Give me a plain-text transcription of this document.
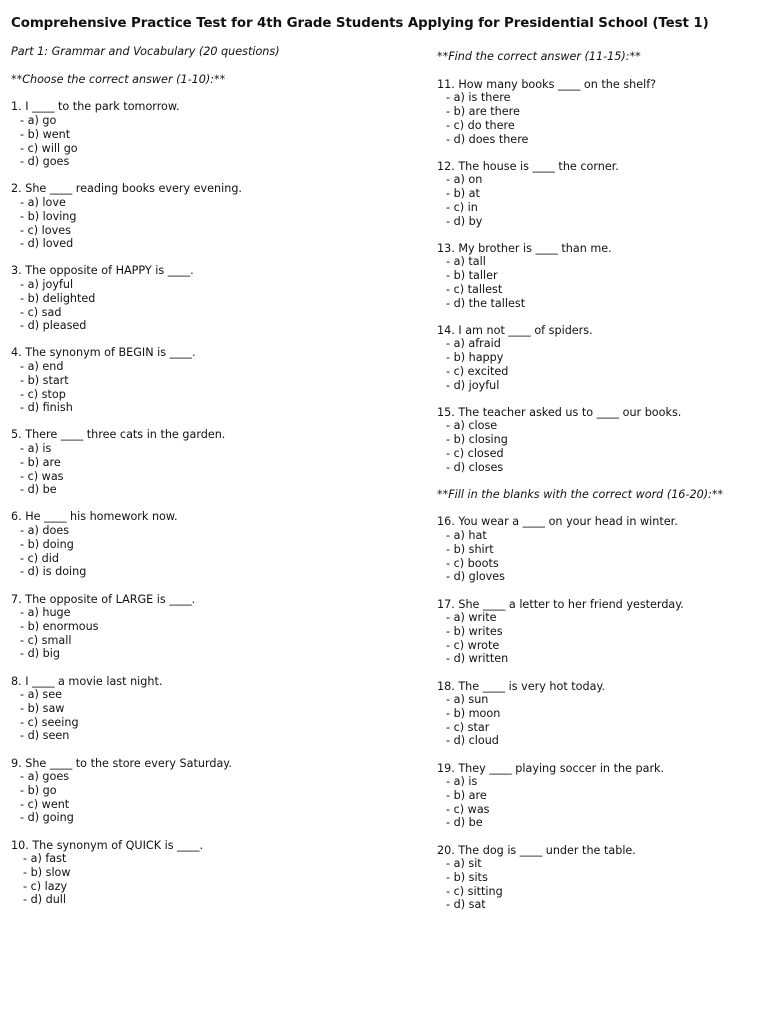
Comprehensive Practice Test for 4th Grade Students Applying for Presidential School (Test 1)
Part 1: Grammar and Vocabulary (20 questions)
**Choose the correct answer (1-10):**
1. I ____ to the park tomorrow.
- a) go
- b) went
- c) will go
- d) goes
2. She ____ reading books every evening.
- a) love
- b) loving
- c) loves
- d) loved
3. The opposite of HAPPY is ____.
- a) joyful
- b) delighted
- c) sad
- d) pleased
4. The synonym of BEGIN is ____.
- a) end
- b) start
- c) stop
- d) finish
5. There ____ three cats in the garden.
- a) is
- b) are
- c) was
- d) be
6. He ____ his homework now.
- a) does
- b) doing
- c) did
- d) is doing
7. The opposite of LARGE is ____.
- a) huge
- b) enormous
- c) small
- d) big
8. I ____ a movie last night.
- a) see
- b) saw
- c) seeing
- d) seen
9. She ____ to the store every Saturday.
- a) goes
- b) go
- c) went
- d) going
10. The synonym of QUICK is ____.
- a) fast
- b) slow
- c) lazy
- d) dull
**Find the correct answer (11-15):**
11. How many books ____ on the shelf?
- a) is there
- b) are there
- c) do there
- d) does there
12. The house is ____ the corner.
- a) on
- b) at
- c) in
- d) by
13. My brother is ____ than me.
- a) tall
- b) taller
- c) tallest
- d) the tallest
14. I am not ____ of spiders.
- a) afraid
- b) happy
- c) excited
- d) joyful
15. The teacher asked us to ____ our books.
- a) close
- b) closing
- c) closed
- d) closes
**Fill in the blanks with the correct word (16-20):**
16. You wear a ____ on your head in winter.
- a) hat
- b) shirt
- c) boots
- d) gloves
17. She ____ a letter to her friend yesterday.
- a) write
- b) writes
- c) wrote
- d) written
18. The ____ is very hot today.
- a) sun
- b) moon
- c) star
- d) cloud
19. They ____ playing soccer in the park.
- a) is
- b) are
- c) was
- d) be
20. The dog is ____ under the table.
- a) sit
- b) sits
- c) sitting
- d) sat
